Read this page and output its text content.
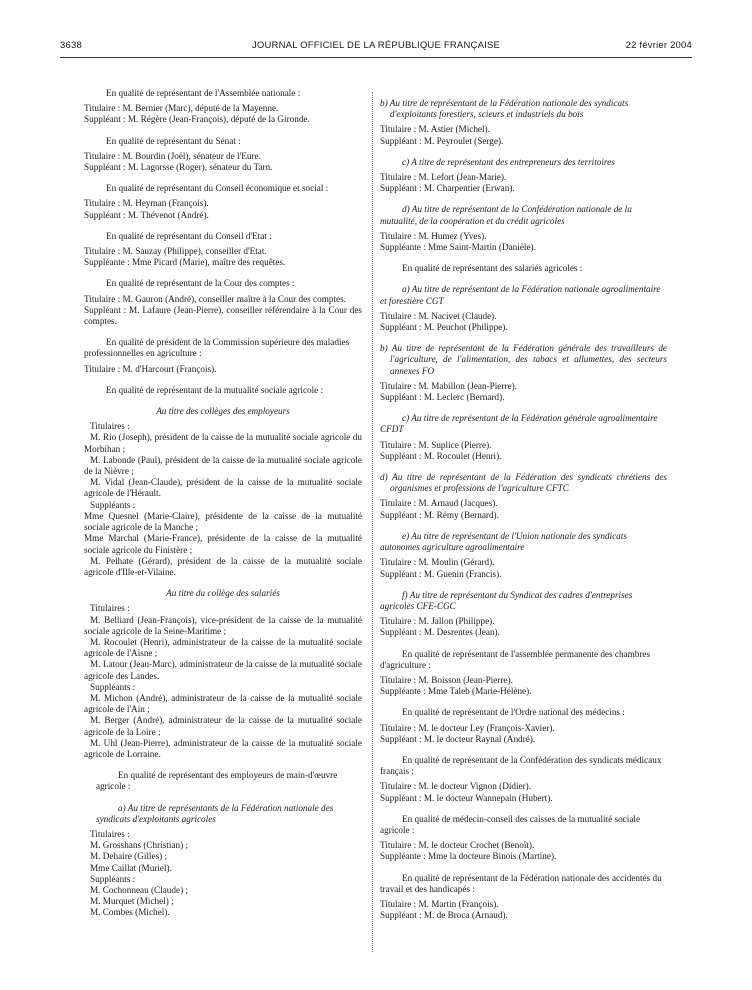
3638	JOURNAL OFFICIEL DE LA RÉPUBLIQUE FRANÇAISE	22 février 2004

En qualité de représentant de l'Assemblée nationale :

Titulaire : M. Bernier (Marc), député de la Mayenne.

Suppléant : M. Régère (Jean-François), député de la Gironde.

En qualité de représentant du Sénat :

Titulaire : M. Bourdin (Joël), sénateur de l'Eure.

Suppléant : M. Lagorsse (Roger), sénateur du Tarn.

En qualité de représentant du Conseil économique et social :

Titulaire : M. Heyman (François).

Suppléant : M. Thévenot (André).

En qualité de représentant du Conseil d'Etat :

Titulaire : M. Sauzay (Philippe), conseiller d'Etat.

Suppléante : Mme Picard (Marie), maître des requêtes.

En qualité de représentant de la Cour des comptes :

Titulaire : M. Gauron (André), conseiller maître à la Cour des comptes.

Suppléant : M. Lafaure (Jean-Pierre), conseiller référendaire à la Cour des comptes.

En qualité de président de la Commission supérieure des maladies professionnelles en agriculture :

Titulaire : M. d'Harcourt (François).

En qualité de représentant de la mutualité sociale agricole :

Au titre des collèges des employeurs

Titulaires :

M. Rio (Joseph), président de la caisse de la mutualité sociale agricole du Morbihan ;

M. Labonde (Paul), président de la caisse de la mutualité sociale agricole de la Nièvre ;

M. Vidal (Jean-Claude), président de la caisse de la mutualité sociale agricole de l'Hérault.

Suppléants :

Mme Quesnel (Marie-Claire), présidente de la caisse de la mutualité sociale agricole de la Manche ;

Mme Marchal (Marie-France), présidente de la caisse de la mutualité sociale agricole du Finistère ;

M. Pelhate (Gérard), président de la caisse de la mutualité sociale agricole d'Ille-et-Vilaine.

Au titre du collège des salariés

Titulaires :

M. Belliard (Jean-François), vice-président de la caisse de la mutualité sociale agricole de la Seine-Maritime ;

M. Rocoulet (Henri), administrateur de la caisse de la mutualité sociale agricole de l'Aisne ;

M. Latour (Jean-Marc), administrateur de la caisse de la mutualité sociale agricole des Landes.

Suppléants :

M. Michon (André), administrateur de la caisse de la mutualité sociale agricole de l'Ain ;

M. Berger (André), administrateur de la caisse de la mutualité sociale agricole de la Loire ;

M. Uhl (Jean-Pierre), administrateur de la caisse de la mutualité sociale agricole de Lorraine.

En qualité de représentant des employeurs de main-d'œuvre agricole :

a) Au titre de représentants de la Fédération nationale des syndicats d'exploitants agricoles

Titulaires :

M. Grosshans (Christian) ;

M. Dehaire (Gilles) ;

Mme Caillat (Muriel).

Suppléants :

M. Cochonneau (Claude) ;

M. Murquet (Michel) ;

M. Combes (Michel).

b) Au titre de représentant de la Fédération nationale des syndicats d'exploitants forestiers, scieurs et industriels du bois

Titulaire : M. Astier (Michel).

Suppléant : M. Peyroulet (Serge).

c) A titre de représentant des entrepreneurs des territoires

Titulaire : M. Lefort (Jean-Marie).

Suppléant : M. Charpentier (Erwan).

d) Au titre de représentant de la Confédération nationale de la mutualité, de la coopération et du crédit agricoles

Titulaire : M. Humez (Yves).

Suppléante : Mme Saint-Martin (Danièle).

En qualité de représentant des salariés agricoles :

a) Au titre de représentant de la Fédération nationale agroalimentaire et forestière CGT

Titulaire : M. Nacivet (Claude).

Suppléant : M. Peuchot (Philippe).

b) Au titre de représentant de la Fédération générale des travailleurs de l'agriculture, de l'alimentation, des tabacs et allumettes, des secteurs annexes FO

Titulaire : M. Mabillon (Jean-Pierre).

Suppléant : M. Leclerc (Bernard).

c) Au titre de représentant de la Fédération générale agroalimentaire CFDT

Titulaire : M. Suplice (Pierre).

Suppléant : M. Rocoulet (Henri).

d) Au titre de représentant de la Fédération des syndicats chrétiens des organismes et professions de l'agriculture CFTC

Titulaire : M. Arnaud (Jacques).

Suppléant : M. Rémy (Bernard).

e) Au titre de représentant de l'Union nationale des syndicats autonomes agriculture agroalimentaire

Titulaire : M. Moulin (Gérard).

Suppléant : M. Guenin (Francis).

f) Au titre de représentant du Syndicat des cadres d'entreprises agricoles CFE-CGC

Titulaire : M. Jallon (Philippe).

Suppléant : M. Desrentes (Jean).

En qualité de représentant de l'assemblée permanente des chambres d'agriculture :

Titulaire : M. Boisson (Jean-Pierre).

Suppléante : Mme Taleb (Marie-Hélène).

En qualité de représentant de l'Ordre national des médecins :

Titulaire : M. le docteur Ley (François-Xavier).

Suppléant : M. le docteur Raynal (André).

En qualité de représentant de la Confédération des syndicats médicaux français :

Titulaire : M. le docteur Vignon (Didier).

Suppléant : M. le docteur Wannepain (Hubert).

En qualité de médecin-conseil des caisses de la mutualité sociale agricole :

Titulaire : M. le docteur Crochet (Benoît).

Suppléante : Mme la docteure Binois (Martine).

En qualité de représentant de la Fédération nationale des accidentés du travail et des handicapés :

Titulaire : M. Martin (François).

Suppléant : M. de Broca (Arnaud).
